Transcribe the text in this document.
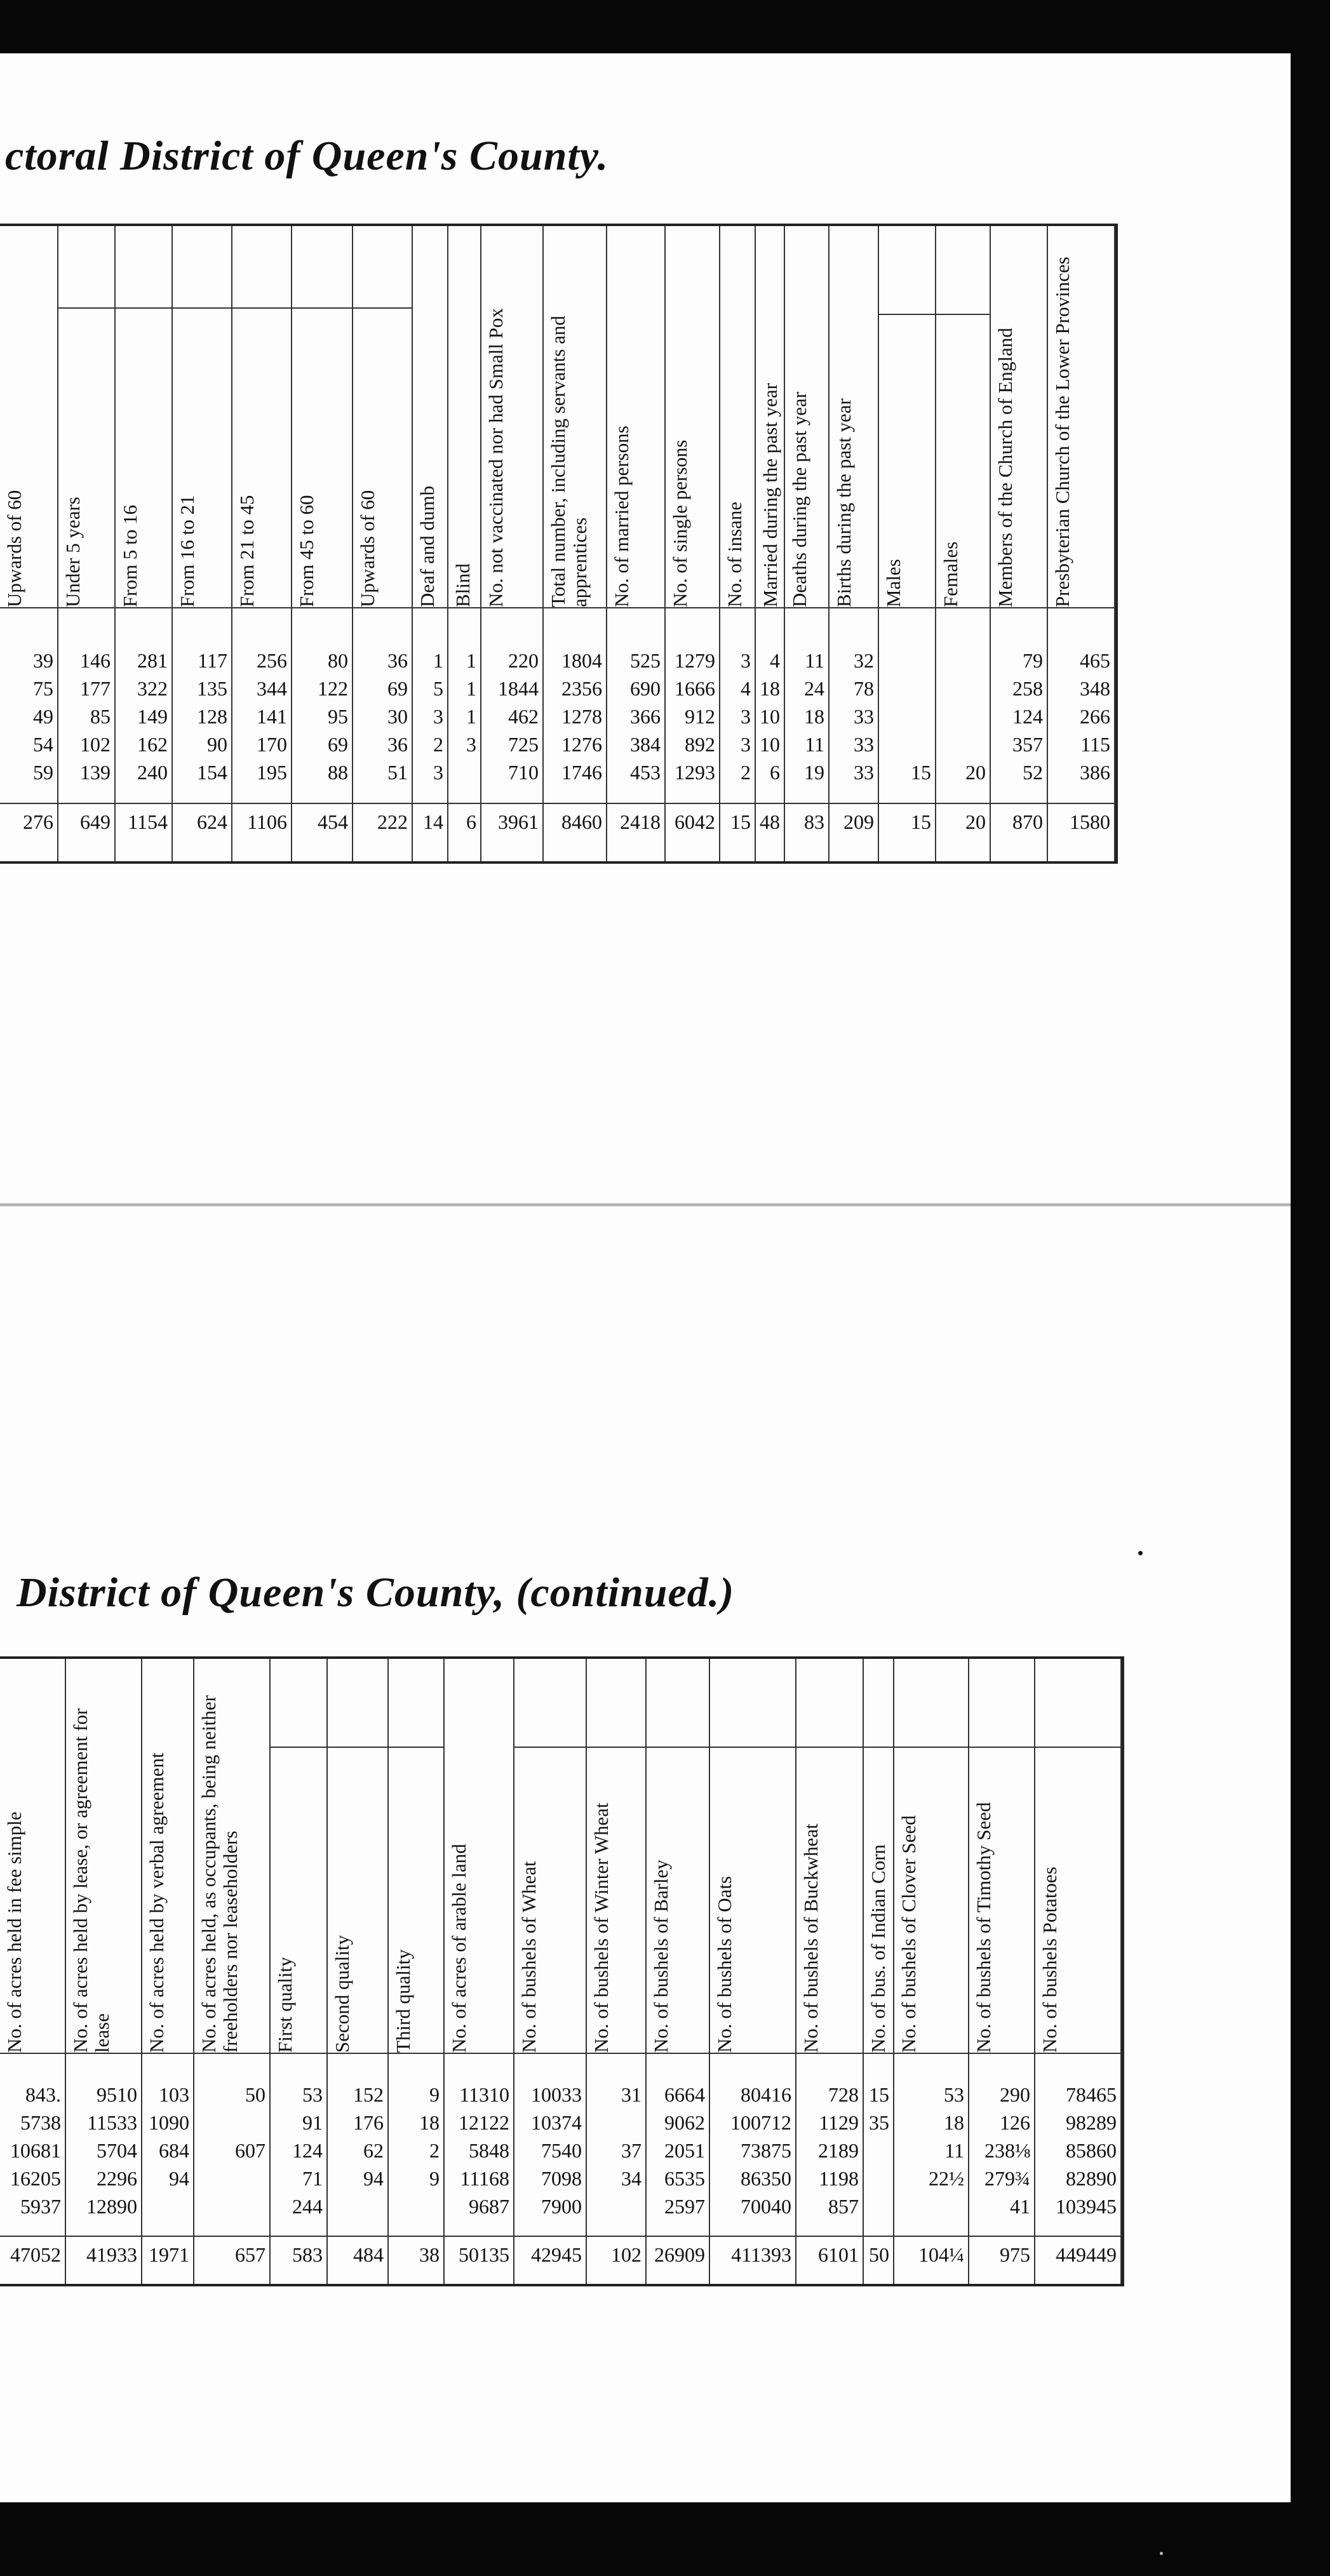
ctoral District of Queen's County.
District of Queen's County, (continued.)
Upwards of 60
39
75
49
54
59
276
Under 5 years
146
177
85
102
139
649
From 5 to 16
281
322
149
162
240
1154
From 16 to 21
117
135
128
90
154
624
From 21 to 45
256
344
141
170
195
1106
From 45 to 60
80
122
95
69
88
454
Upwards of 60
36
69
30
36
51
222
Deaf and dumb
1
5
3
2
3
14
Blind
1
1
1
3
6
No. not vaccinated nor had Small Pox
220
1844
462
725
710
3961
Total number, including servants and apprentices
1804
2356
1278
1276
1746
8460
No. of married persons
525
690
366
384
453
2418
No. of single persons
1279
1666
912
892
1293
6042
No. of insane
3
4
3
3
2
15
Married during the past year
4
18
10
10
6
48
Deaths during the past year
11
24
18
11
19
83
Births during the past year
32
78
33
33
33
209
Males
15
15
Females
20
20
Members of the Church of England
79
258
124
357
52
870
Presbyterian Church of the Lower Provinces
465
348
266
115
386
1580
No. of acres held in fee simple
843.
5738
10681
16205
5937
47052
No. of acres held by lease, or agreement for lease
9510
11533
5704
2296
12890
41933
No. of acres held by verbal agreement
103
1090
684
94
1971
No. of acres held, as occupants, being neither freeholders nor leaseholders
50
607
657
First quality
53
91
124
71
244
583
Second quality
152
176
62
94
484
Third quality
9
18
2
9
38
No. of acres of arable land
11310
12122
5848
11168
9687
50135
No. of bushels of Wheat
10033
10374
7540
7098
7900
42945
No. of bushels of Winter Wheat
31
37
34
102
No. of bushels of Barley
6664
9062
2051
6535
2597
26909
No. of bushels of Oats
80416
100712
73875
86350
70040
411393
No. of bushels of Buckwheat
728
1129
2189
1198
857
6101
No. of bus. of Indian Corn
15
35
50
No. of bushels of Clover Seed
53
18
11
22½
104¼
No. of bushels of Timothy Seed
290
126
238⅛
279¾
41
975
No. of bushels Potatoes
78465
98289
85860
82890
103945
449449
